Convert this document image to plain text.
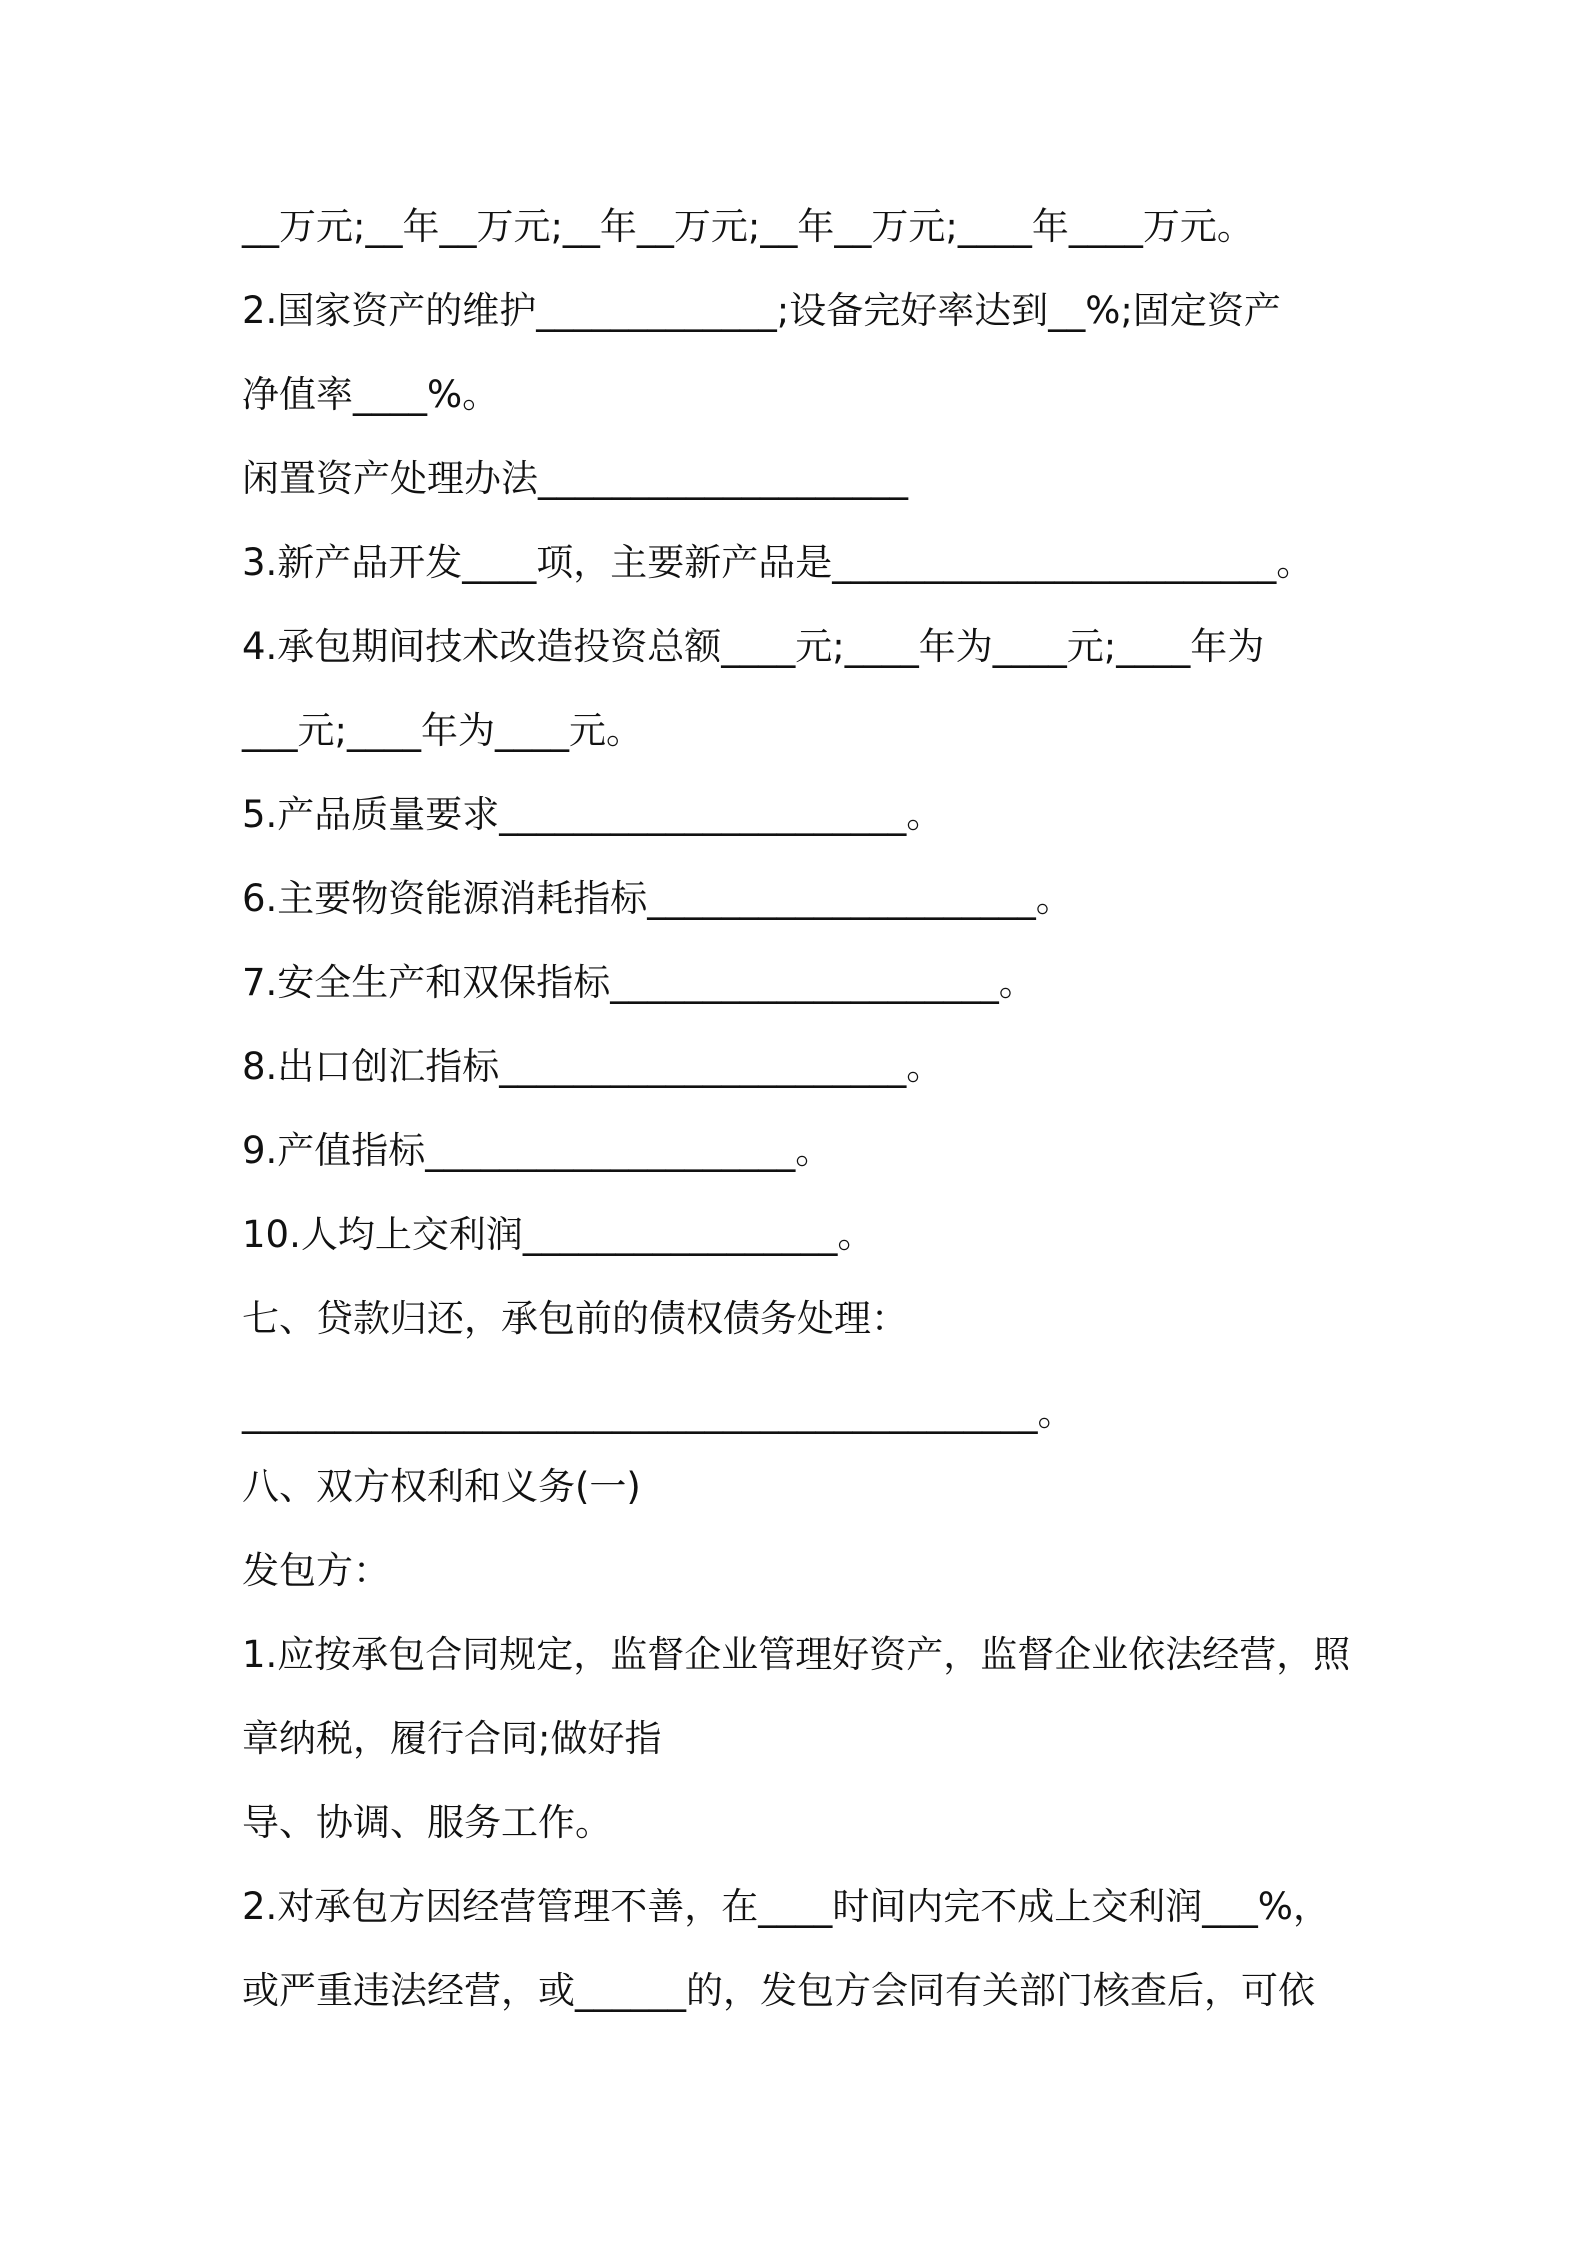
__万元;__年__万元;__年__万元;__年__万元;____年____万元。

2.国家资产的维护_____________;设备完好率达到__%;固定资产

净值率____%。

闲置资产处理办法____________________

3.新产品开发____项，主要新产品是________________________。

4.承包期间技术改造投资总额____元;____年为____元;____年为

___元;____年为____元。

5.产品质量要求______________________。

6.主要物资能源消耗指标_____________________。

7.安全生产和双保指标_____________________。

8.出口创汇指标______________________。

9.产值指标____________________。

10.人均上交利润_________________。

七、贷款归还，承包前的债权债务处理：

___________________________________________。

八、双方权利和义务(一)

发包方：

1.应按承包合同规定，监督企业管理好资产，监督企业依法经营，照

章纳税，履行合同;做好指

导、协调、服务工作。

2.对承包方因经营管理不善，在____时间内完不成上交利润___%，

或严重违法经营，或______的，发包方会同有关部门核查后，可依
